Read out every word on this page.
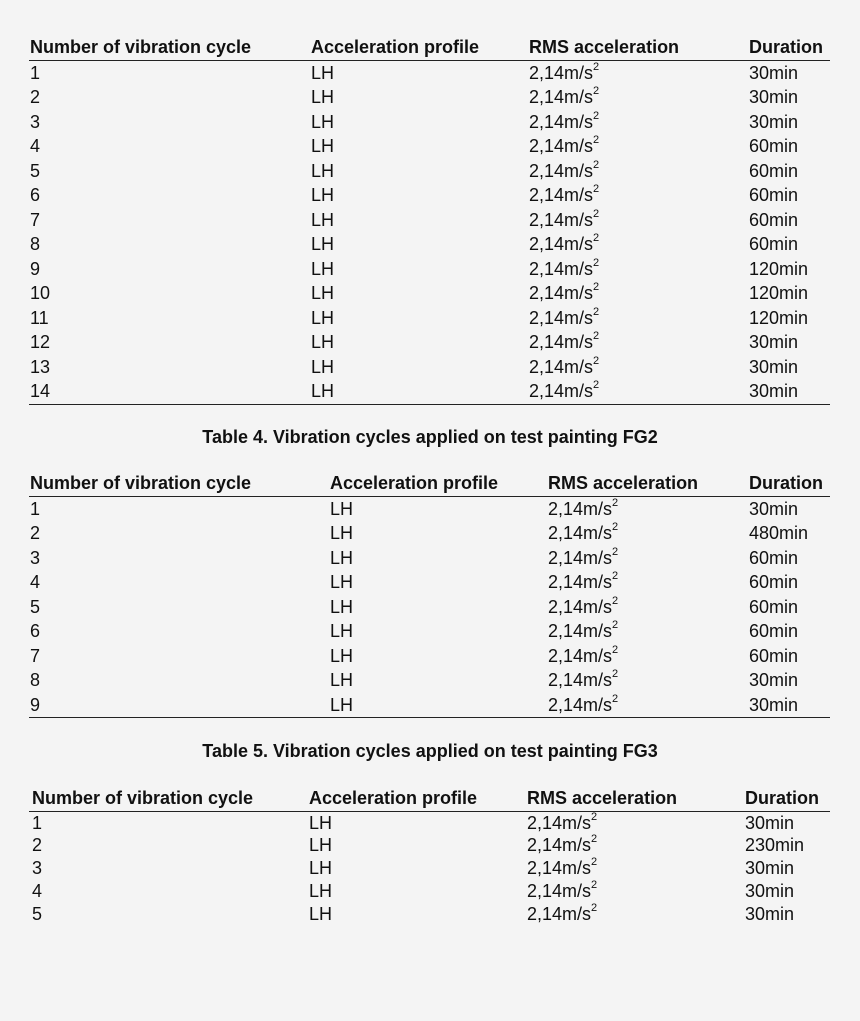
Number of vibration cycle	Acceleration profile	RMS acceleration	Duration
1	LH	$2,14m/s^2$	30min
2	LH	$2,14m/s^2$	30min
3	LH	$2,14m/s^2$	30min
4	LH	$2,14m/s^2$	60min
5	LH	$2,14m/s^2$	60min
6	LH	$2,14m/s^2$	60min
7	LH	$2,14m/s^2$	60min
8	LH	$2,14m/s^2$	60min
9	LH	$2,14m/s^2$	120min
10	LH	$2,14m/s^2$	120min
11	LH	$2,14m/s^2$	120min
12	LH	$2,14m/s^2$	30min
13	LH	$2,14m/s^2$	30min
14	LH	$2,14m/s^2$	30min
Table 4. Vibration cycles applied on test painting FG2
Number of vibration cycle	Acceleration profile	RMS acceleration	Duration
1	LH	$2,14m/s^2$	30min
2	LH	$2,14m/s^2$	480min
3	LH	$2,14m/s^2$	60min
4	LH	$2,14m/s^2$	60min
5	LH	$2,14m/s^2$	60min
6	LH	$2,14m/s^2$	60min
7	LH	$2,14m/s^2$	60min
8	LH	$2,14m/s^2$	30min
9	LH	$2,14m/s^2$	30min
Table 5. Vibration cycles applied on test painting FG3
Number of vibration cycle	Acceleration profile	RMS acceleration	Duration
1	LH	$2,14m/s^2$	30min
2	LH	$2,14m/s^2$	230min
3	LH	$2,14m/s^2$	30min
4	LH	$2,14m/s^2$	30min
5	LH	$2,14m/s^2$	30min
